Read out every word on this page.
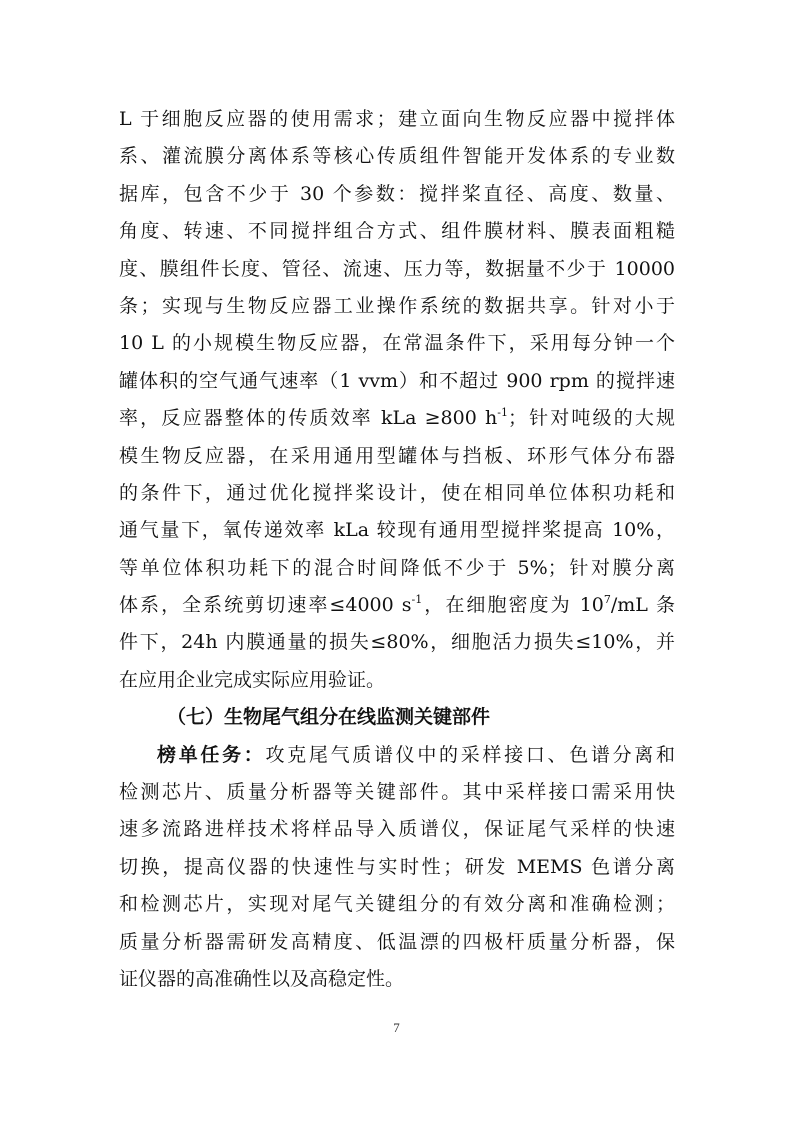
L 于细胞反应器的使用需求；建立面向生物反应器中搅拌体
系、灌流膜分离体系等核心传质组件智能开发体系的专业数
据库，包含不少于 30 个参数：搅拌桨直径、高度、数量、
角度、转速、不同搅拌组合方式、组件膜材料、膜表面粗糙
度、膜组件长度、管径、流速、压力等，数据量不少于 10000
条；实现与生物反应器工业操作系统的数据共享。针对小于
10 L 的小规模生物反应器，在常温条件下，采用每分钟一个
罐体积的空气通气速率（1 vvm）和不超过 900 rpm 的搅拌速
率，反应器整体的传质效率 kLa ≥800 $h^{-1}$；针对吨级的大规
模生物反应器，在采用通用型罐体与挡板、环形气体分布器
的条件下，通过优化搅拌桨设计，使在相同单位体积功耗和
通气量下，氧传递效率 kLa 较现有通用型搅拌桨提高 10%，
等单位体积功耗下的混合时间降低不少于 5%；针对膜分离
体系，全系统剪切速率≤4000 $s^{-1}$，在细胞密度为 $10^7/mL$ 条
件下，24h 内膜通量的损失≤80%，细胞活力损失≤10%，并
在应用企业完成实际应用验证。
（七）生物尾气组分在线监测关键部件
榜单任务：攻克尾气质谱仪中的采样接口、色谱分离和
检测芯片、质量分析器等关键部件。其中采样接口需采用快
速多流路进样技术将样品导入质谱仪，保证尾气采样的快速
切换，提高仪器的快速性与实时性；研发 MEMS 色谱分离
和检测芯片，实现对尾气关键组分的有效分离和准确检测；
质量分析器需研发高精度、低温漂的四极杆质量分析器，保
证仪器的高准确性以及高稳定性。
7
